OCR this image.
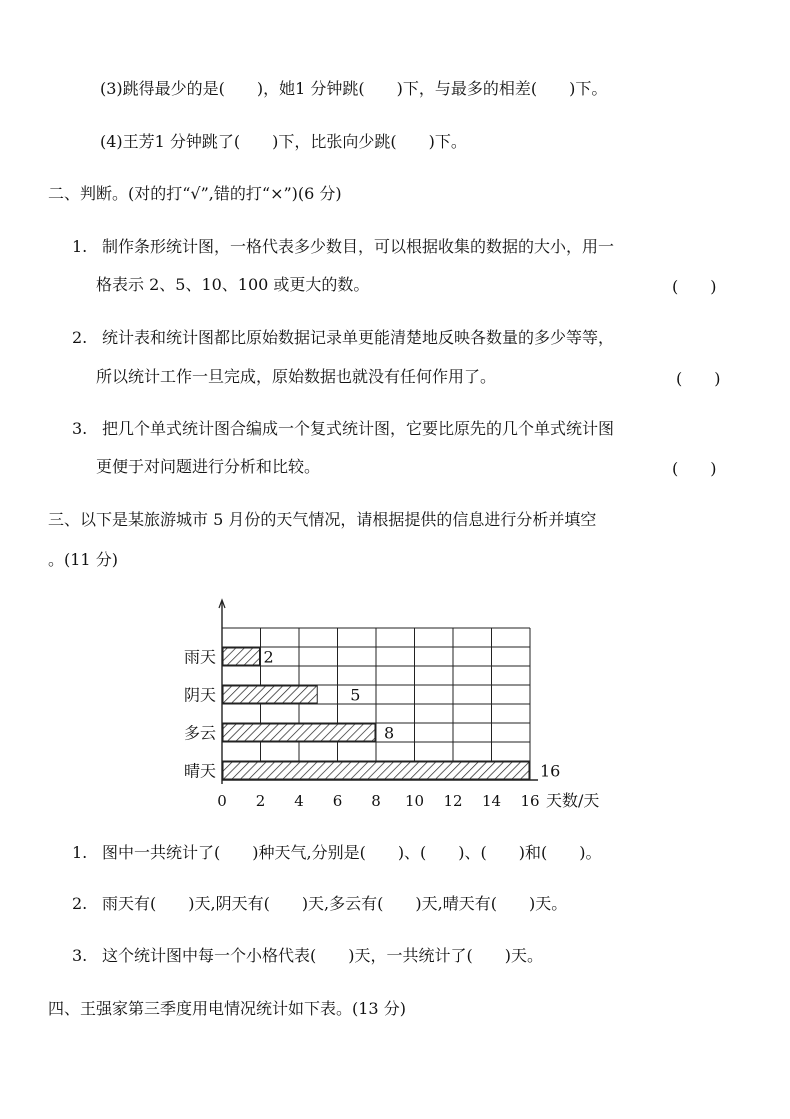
(3)跳得最少的是(　　)，她1 分钟跳(　　)下，与最多的相差(　　)下。
(4)王芳1 分钟跳了(　　)下，比张向少跳(　　)下。
二、判断。(对的打“√”,错的打“×”)(6 分)
1. 制作条形统计图，一格代表多少数目，可以根据收集的数据的大小，用一
格表示 2、5、10、100 或更大的数。	(　　)
2. 统计表和统计图都比原始数据记录单更能清楚地反映各数量的多少等等，
所以统计工作一旦完成，原始数据也就没有任何作用了。	(　　)
3. 把几个单式统计图合编成一个复式统计图，它要比原先的几个单式统计图
更便于对问题进行分析和比较。	(　　)
三、以下是某旅游城市 5 月份的天气情况，请根据提供的信息进行分析并填空
。(11 分)
雨天	2
阴天	5
多云	8
晴天	16
0 2 4 6 8 10 12 14 16 天数/天
1. 图中一共统计了(　　)种天气,分别是(　　)、(　　)、(　　)和(　　)。
2. 雨天有(　　)天,阴天有(　　)天,多云有(　　)天,晴天有(　　)天。
3. 这个统计图中每一个小格代表(　　)天，一共统计了(　　)天。
四、王强家第三季度用电情况统计如下表。(13 分)
